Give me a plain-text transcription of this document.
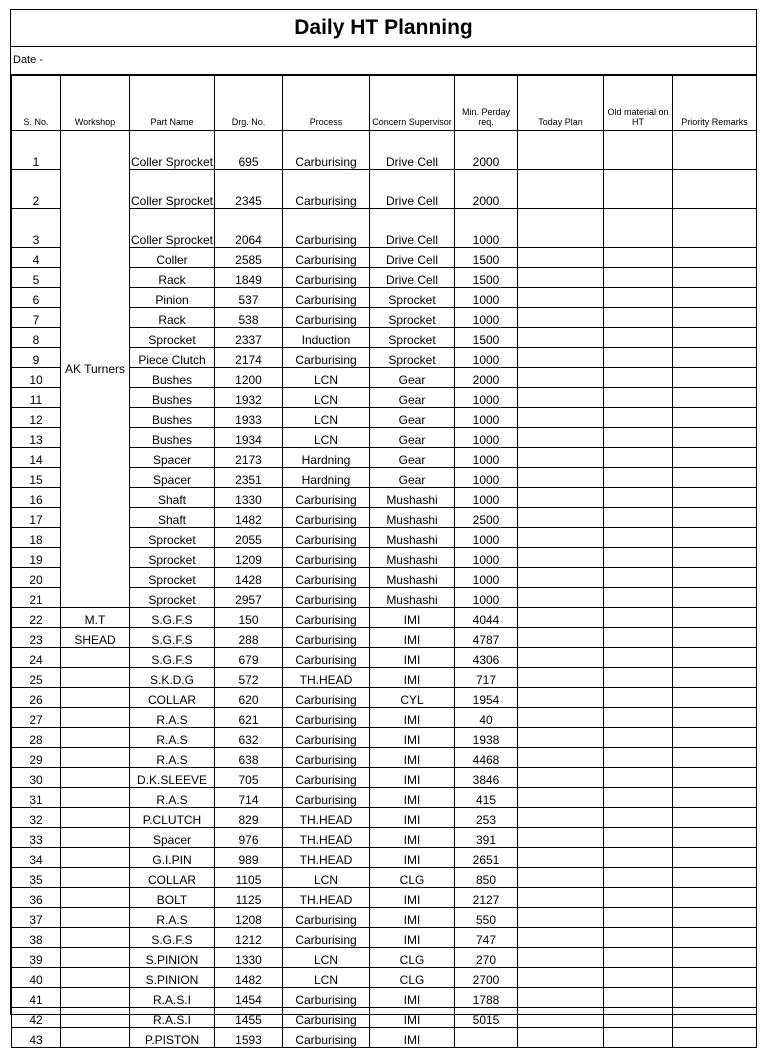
Daily HT Planning
Date -
S. No.	Workshop	Part Name	Drg. No.	Process	Concern Supervisor	Min. Perday req.	Today Plan	Old material on HT	Priority Remarks
1	AK Turners	Coller Sprocket	695	Carburising	Drive Cell	2000			
2		Coller Sprocket	2345	Carburising	Drive Cell	2000			
3		Coller Sprocket	2064	Carburising	Drive Cell	1000			
4		Coller	2585	Carburising	Drive Cell	1500			
5		Rack	1849	Carburising	Drive Cell	1500			
6		Pinion	537	Carburising	Sprocket	1000			
7		Rack	538	Carburising	Sprocket	1000			
8		Sprocket	2337	Induction	Sprocket	1500			
9		Piece Clutch	2174	Carburising	Sprocket	1000			
10		Bushes	1200	LCN	Gear	2000			
11		Bushes	1932	LCN	Gear	1000			
12		Bushes	1933	LCN	Gear	1000			
13		Bushes	1934	LCN	Gear	1000			
14		Spacer	2173	Hardning	Gear	1000			
15		Spacer	2351	Hardning	Gear	1000			
16		Shaft	1330	Carburising	Mushashi	1000			
17		Shaft	1482	Carburising	Mushashi	2500			
18		Sprocket	2055	Carburising	Mushashi	1000			
19		Sprocket	1209	Carburising	Mushashi	1000			
20		Sprocket	1428	Carburising	Mushashi	1000			
21		Sprocket	2957	Carburising	Mushashi	1000			
22	M.T	S.G.F.S	150	Carburising	IMI	4044			
23	SHEAD	S.G.F.S	288	Carburising	IMI	4787			
24		S.G.F.S	679	Carburising	IMI	4306			
25		S.K.D.G	572	TH.HEAD	IMI	717			
26		COLLAR	620	Carburising	CYL	1954			
27		R.A.S	621	Carburising	IMI	40			
28		R.A.S	632	Carburising	IMI	1938			
29		R.A.S	638	Carburising	IMI	4468			
30		D.K.SLEEVE	705	Carburising	IMI	3846			
31		R.A.S	714	Carburising	IMI	415			
32		P.CLUTCH	829	TH.HEAD	IMI	253			
33		Spacer	976	TH.HEAD	IMI	391			
34		G.I.PIN	989	TH.HEAD	IMI	2651			
35		COLLAR	1105	LCN	CLG	850			
36		BOLT	1125	TH.HEAD	IMI	2127			
37		R.A.S	1208	Carburising	IMI	550			
38		S.G.F.S	1212	Carburising	IMI	747			
39		S.PINION	1330	LCN	CLG	270			
40		S.PINION	1482	LCN	CLG	2700			
41		R.A.S.I	1454	Carburising	IMI	1788			
42		R.A.S.I	1455	Carburising	IMI	5015			
43		P.PISTON	1593	Carburising	IMI				
